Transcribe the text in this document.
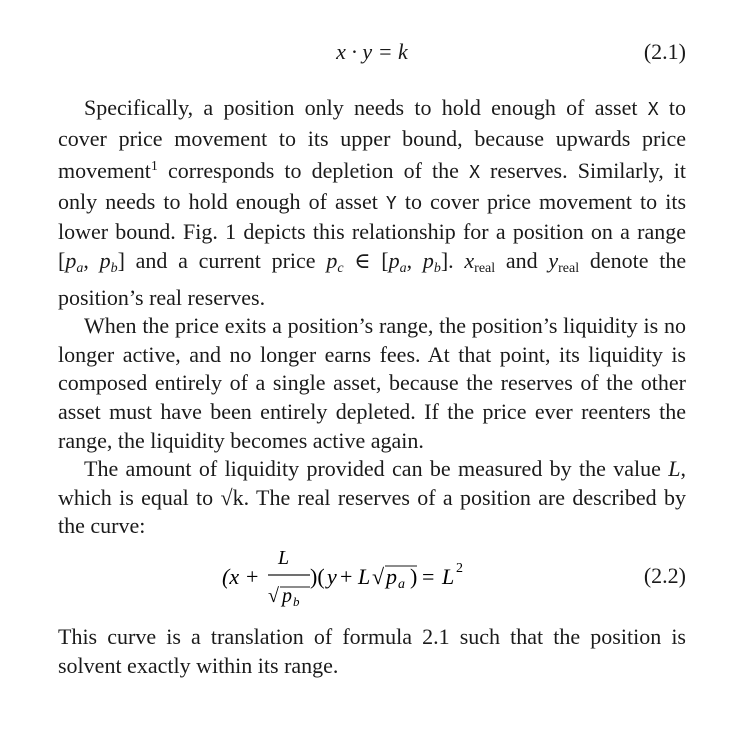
x · y = k	(2.1)

Specifically, a position only needs to hold enough of asset X to cover price movement to its upper bound, because upwards price movement$^1$ corresponds to depletion of the X reserves. Similarly, it only needs to hold enough of asset Y to cover price movement to its lower bound. Fig. 1 depicts this relationship for a position on a range [$p_a$, $p_b$] and a current price $p_c$ ∈ [$p_a$, $p_b$]. $x_{real}$ and $y_{real}$ denote the position’s real reserves.

When the price exits a position’s range, the position’s liquidity is no longer active, and no longer earns fees. At that point, its liquidity is composed entirely of a single asset, because the reserves of the other asset must have been entirely depleted. If the price ever reenters the range, the liquidity becomes active again.

The amount of liquidity provided can be measured by the value L, which is equal to √k. The real reserves of a position are described by the curve:

(x +
L
√ p b
)( y + L √ p a ) = L 2	(2.2)

This curve is a translation of formula 2.1 such that the position is solvent exactly within its range.
